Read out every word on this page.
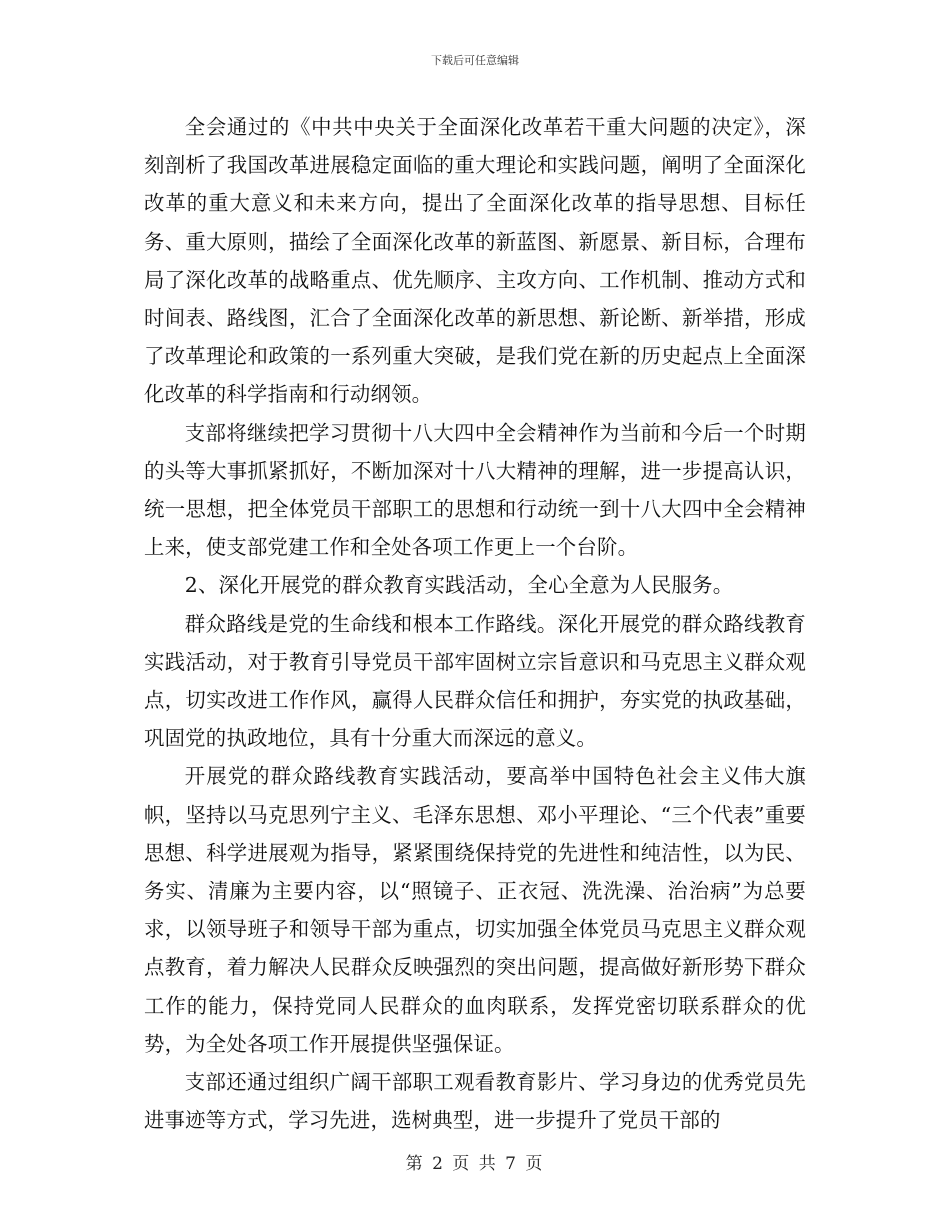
下载后可任意编辑

全会通过的《中共中央关于全面深化改革若干重大问题的决定》，深刻剖析了我国改革进展稳定面临的重大理论和实践问题，阐明了全面深化改革的重大意义和未来方向，提出了全面深化改革的指导思想、目标任务、重大原则，描绘了全面深化改革的新蓝图、新愿景、新目标，合理布局了深化改革的战略重点、优先顺序、主攻方向、工作机制、推动方式和时间表、路线图，汇合了全面深化改革的新思想、新论断、新举措，形成了改革理论和政策的一系列重大突破，是我们党在新的历史起点上全面深化改革的科学指南和行动纲领。

支部将继续把学习贯彻十八大四中全会精神作为当前和今后一个时期的头等大事抓紧抓好，不断加深对十八大精神的理解，进一步提高认识，统一思想，把全体党员干部职工的思想和行动统一到十八大四中全会精神上来，使支部党建工作和全处各项工作更上一个台阶。

2、深化开展党的群众教育实践活动，全心全意为人民服务。

群众路线是党的生命线和根本工作路线。深化开展党的群众路线教育实践活动，对于教育引导党员干部牢固树立宗旨意识和马克思主义群众观点，切实改进工作作风，赢得人民群众信任和拥护，夯实党的执政基础，巩固党的执政地位，具有十分重大而深远的意义。

开展党的群众路线教育实践活动，要高举中国特色社会主义伟大旗帜，坚持以马克思列宁主义、毛泽东思想、邓小平理论、“三个代表”重要思想、科学进展观为指导，紧紧围绕保持党的先进性和纯洁性，以为民、务实、清廉为主要内容，以“照镜子、正衣冠、洗洗澡、治治病”为总要求，以领导班子和领导干部为重点，切实加强全体党员马克思主义群众观点教育，着力解决人民群众反映强烈的突出问题，提高做好新形势下群众工作的能力，保持党同人民群众的血肉联系，发挥党密切联系群众的优势，为全处各项工作开展提供坚强保证。

支部还通过组织广阔干部职工观看教育影片、学习身边的优秀党员先进事迹等方式，学习先进，选树典型，进一步提升了党员干部的

第 2 页 共 7 页
